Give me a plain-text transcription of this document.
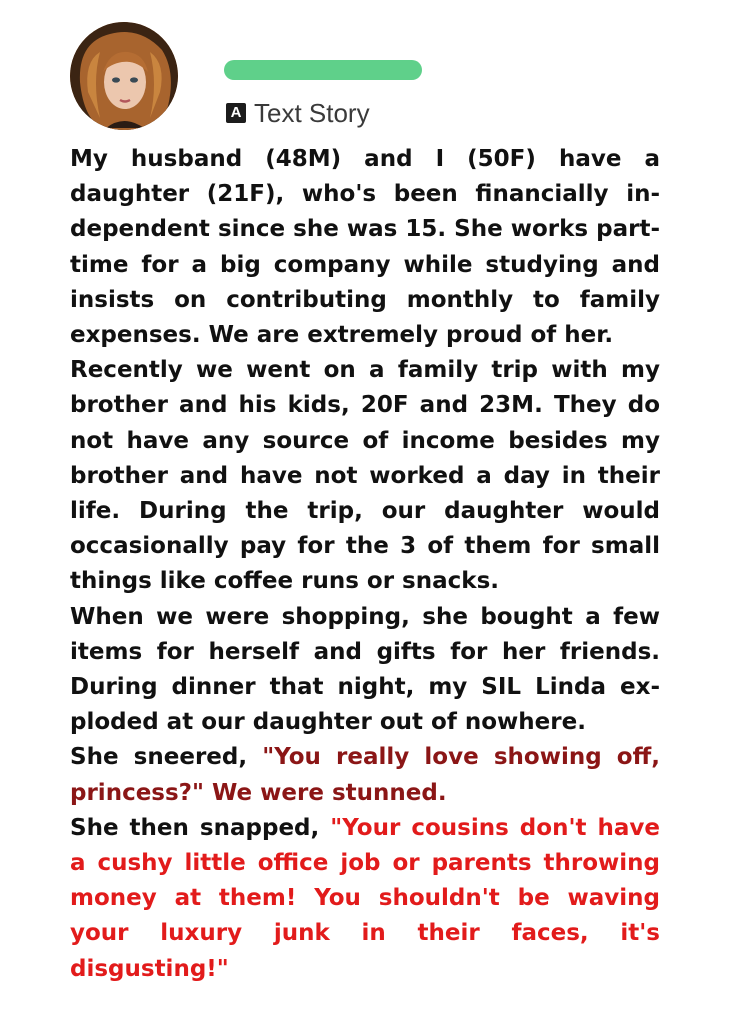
A Text Story

My husband (48M) and I (50F) have a daughter (21F), who's been financially independent since she was 15. She works part-time for a big company while studying and insists on contributing monthly to family expenses. We are extremely proud of her.

Recently we went on a family trip with my brother and his kids, 20F and 23M. They do not have any source of income besides my brother and have not worked a day in their life. During the trip, our daughter would occasionally pay for the 3 of them for small things like coffee runs or snacks.

When we were shopping, she bought a few items for herself and gifts for her friends. During dinner that night, my SIL Linda exploded at our daughter out of nowhere.

She sneered, "You really love showing off, princess?" We were stunned.

She then snapped, "Your cousins don't have a cushy little office job or parents throwing money at them! You shouldn't be waving your luxury junk in their faces, it's disgusting!"
